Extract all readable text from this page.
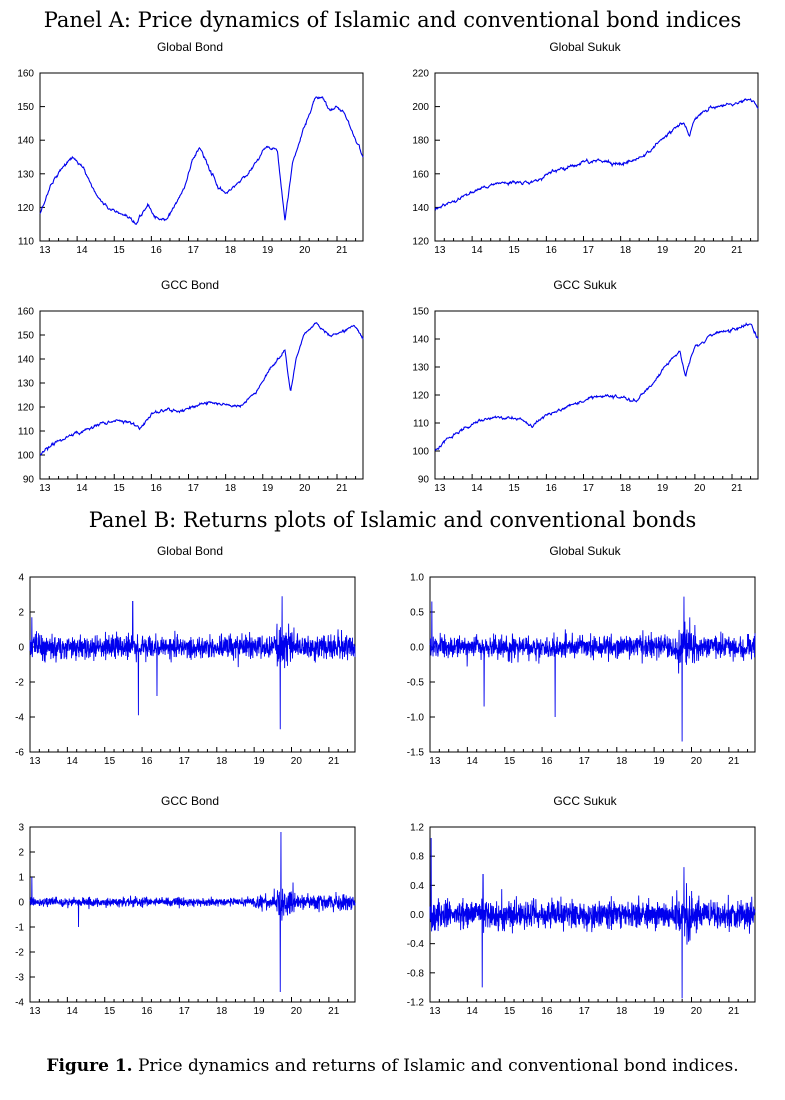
Panel A: Price dynamics of Islamic and conventional bond indices
Panel B: Returns plots of Islamic and conventional bonds
Global Bond
110
120
130
140
150
160
13	14	15	16	17	18	19	20	21
Global Sukuk
120
140
160
180
200
220
13	14	15	16	17	18	19	20	21
GCC Bond
90
100
110
120
130
140
150
160
13	14	15	16	17	18	19	20	21
GCC Sukuk
90
100
110
120
130
140
150
13	14	15	16	17	18	19	20	21
Global Bond
-6
-4
-2
0
2
4
13	14	15	16	17	18	19	20	21
Global Sukuk
-1.5
-1.0
-0.5
0.0
0.5
1.0
13	14	15	16	17	18	19	20	21
GCC Bond
-4
-3
-2
-1
0
1
2
3
13	14	15	16	17	18	19	20	21
GCC Sukuk
-1.2
-0.8
-0.4
0.0
0.4
0.8
1.2
13	14	15	16	17	18	19	20	21
Figure 1. Price dynamics and returns of Islamic and conventional bond indices.
